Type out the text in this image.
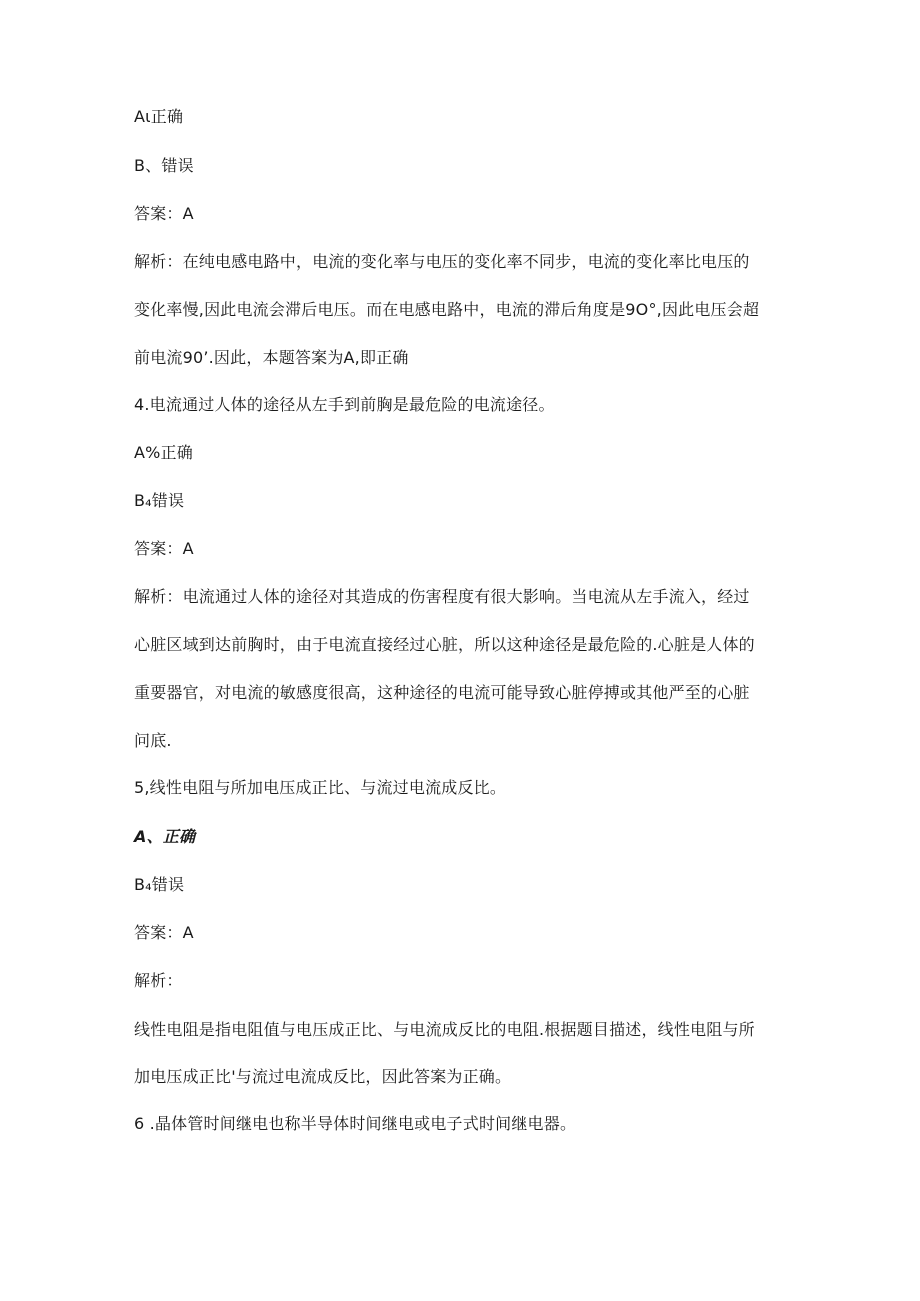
Aι正确
B、错误
答案：A
解析：在纯电感电路中，电流的变化率与电压的变化率不同步，电流的变化率比电压的
变化率慢,因此电流会滞后电压。而在电感电路中，电流的滞后角度是9O°,因此电压会超
前电流90’.因此，本题答案为A,即正确
4.电流通过人体的途径从左手到前胸是最危险的电流途径。
A%正确
B₄错误
答案：A
解析：电流通过人体的途径对其造成的伤害程度有很大影响。当电流从左手流入，经过
心脏区域到达前胸时，由于电流直接经过心脏，所以这种途径是最危险的.心脏是人体的
重要器官，对电流的敏感度很高，这种途径的电流可能导致心脏停搏或其他严至的心脏
问底.
5,线性电阻与所加电压成正比、与流过电流成反比。
A、正确
B₄错误
答案：A
解析：
线性电阻是指电阻值与电压成正比、与电流成反比的电阻.根据题目描述，线性电阻与所
加电压成正比'与流过电流成反比，因此答案为正确。
6 .晶体管时间继电也称半导体时间继电或电子式时间继电器。
